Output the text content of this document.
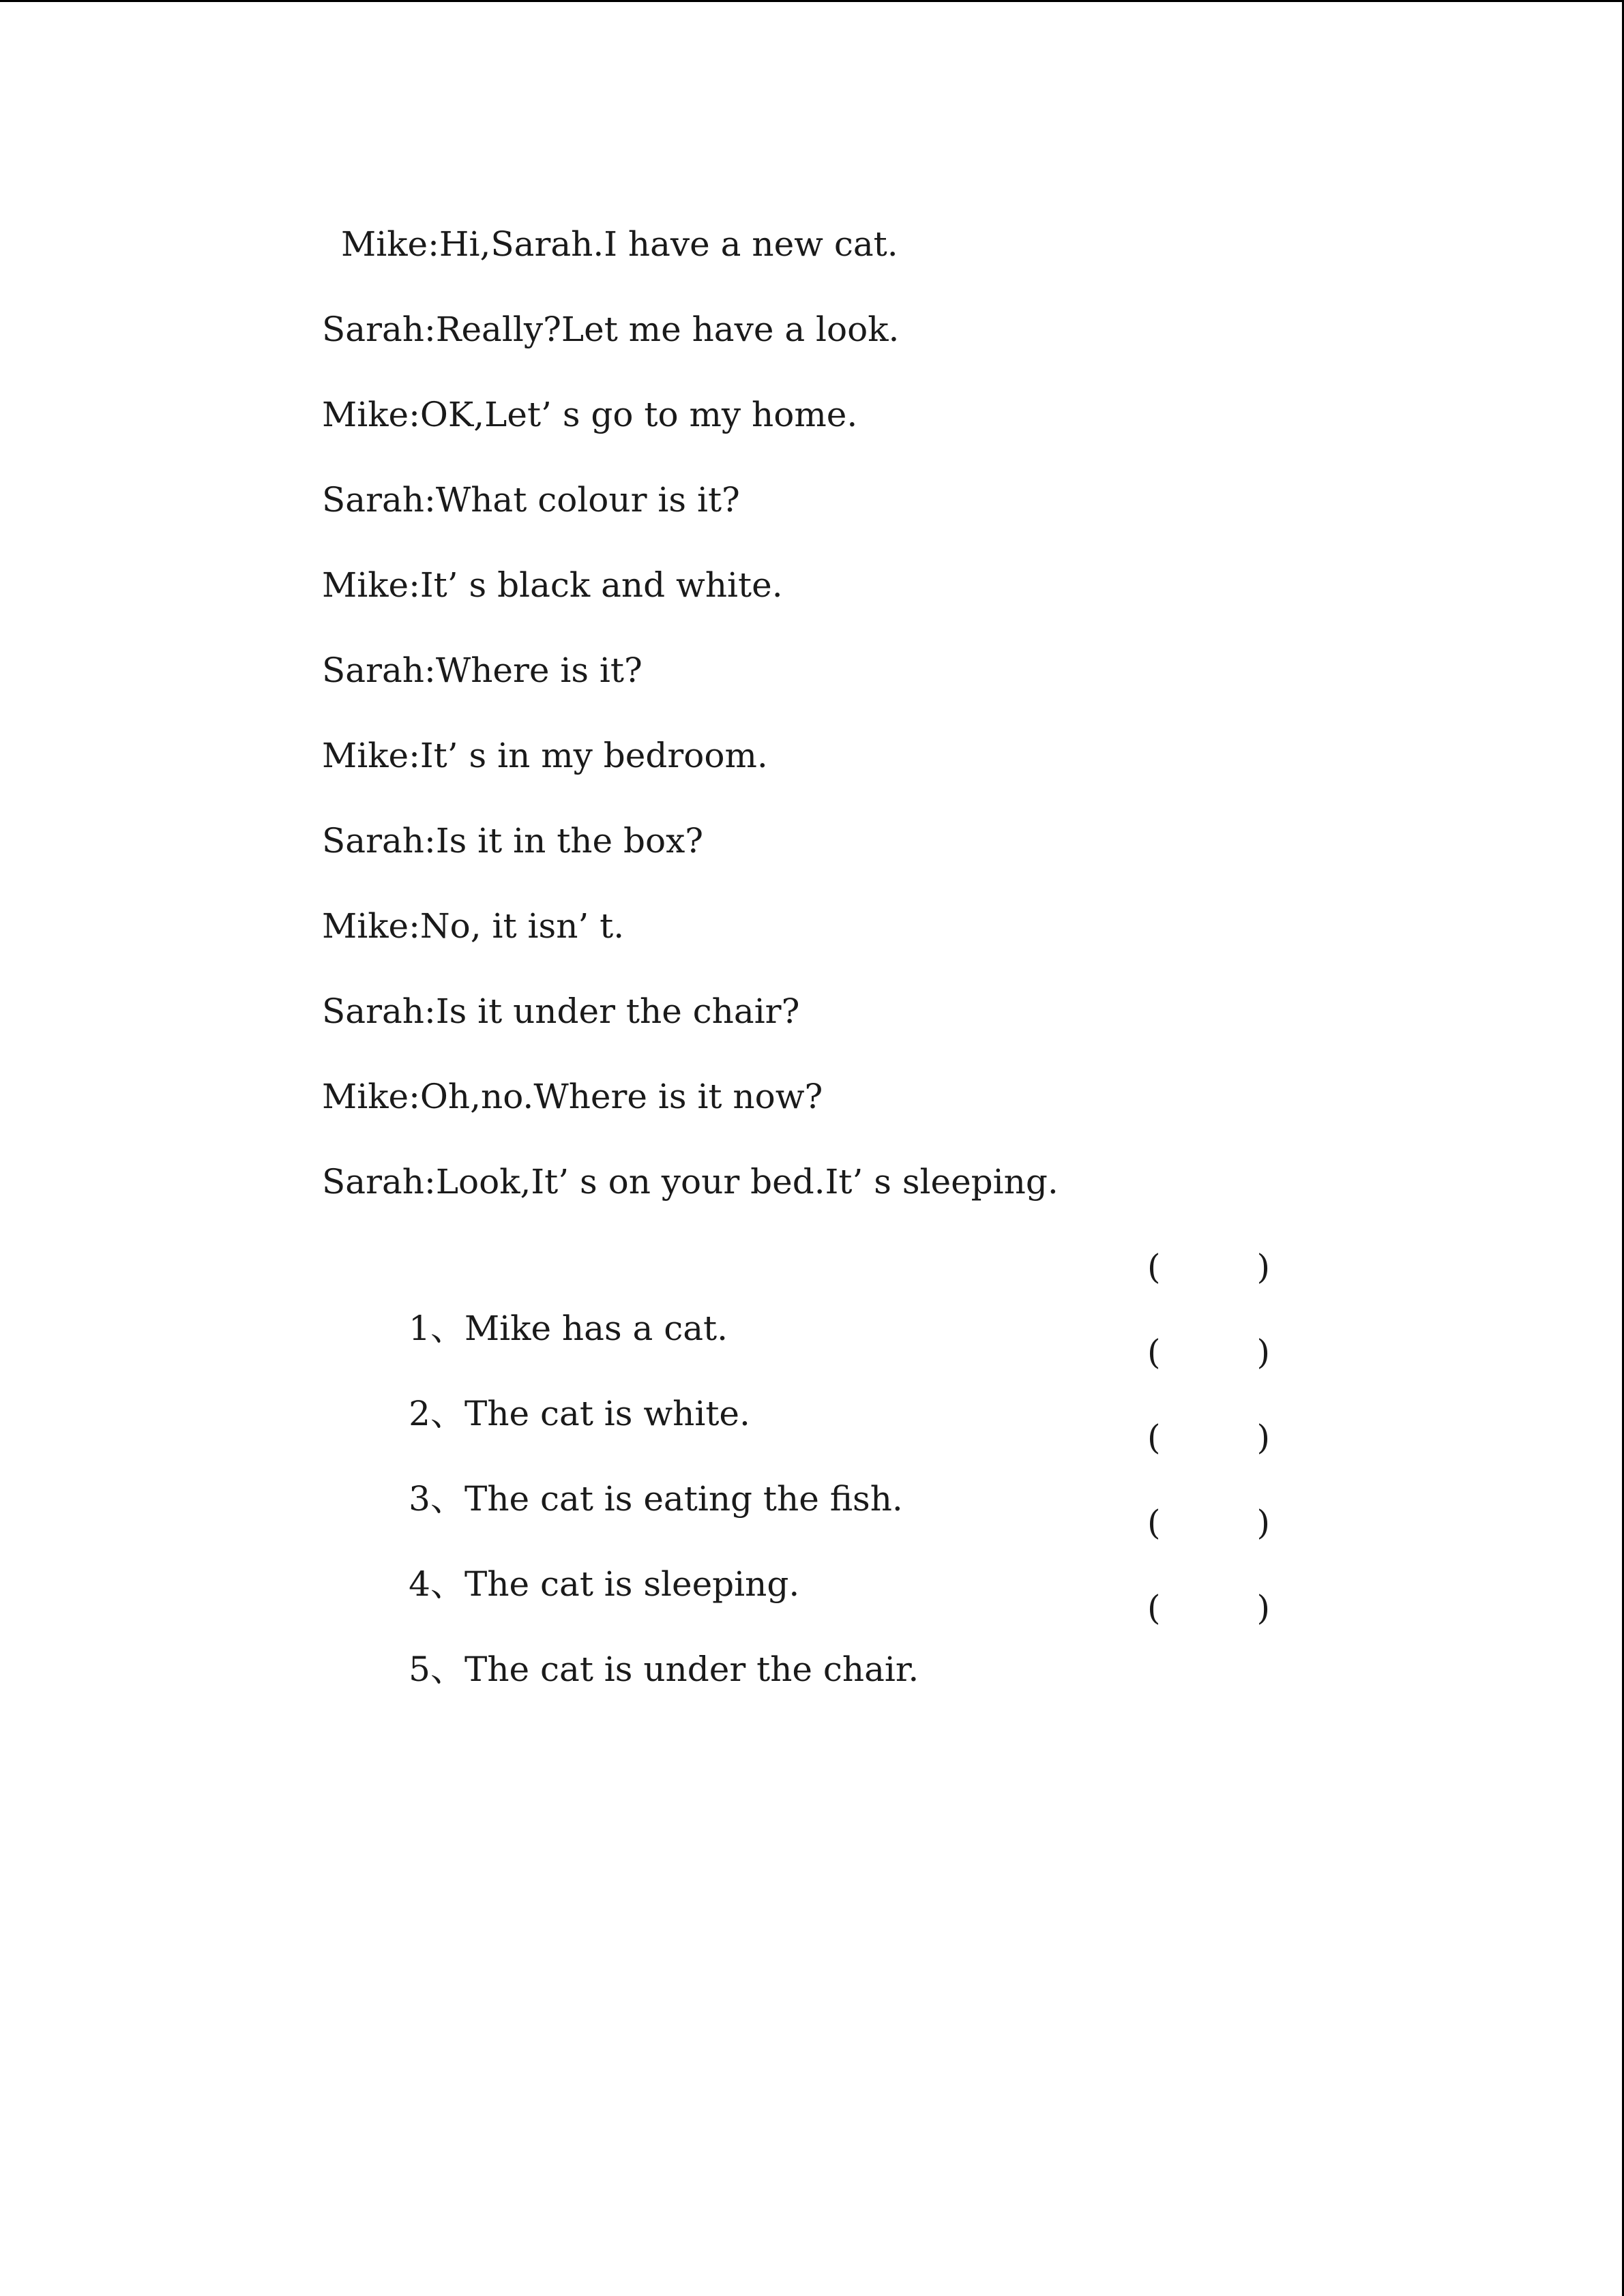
Mike:Hi,Sarah.I have a new cat.
Sarah:Really?Let me have a look.
Mike:OK,Let’ s go to my home.
Sarah:What colour is it?
Mike:It’ s black and white.
Sarah:Where is it?
Mike:It’ s in my bedroom.
Sarah:Is it in the box?
Mike:No, it isn’ t.
Sarah:Is it under the chair?
Mike:Oh,no.Where is it now?
Sarah:Look,It’ s on your bed.It’ s sleeping.

1、Mike has a cat.

(	)

2、The cat is white.

(	)

3、The cat is eating the fish.

(	)

4、The cat is sleeping.

(	)

5、The cat is under the chair.

(	)
